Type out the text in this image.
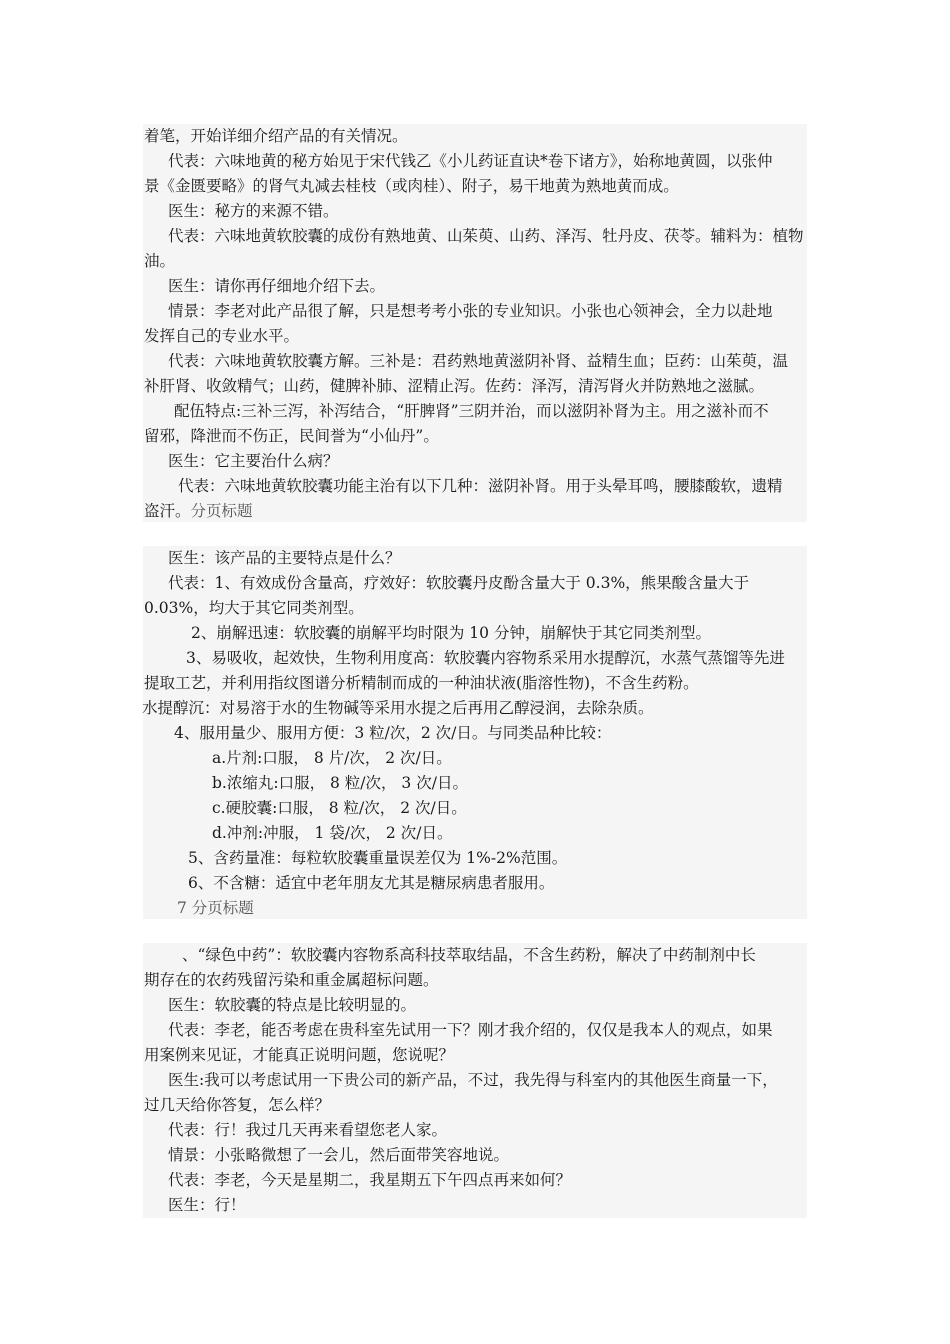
着笔，开始详细介绍产品的有关情况。
代表：六味地黄的秘方始见于宋代钱乙《小儿药证直诀*卷下诸方》，始称地黄圆，以张仲
景《金匮要略》的肾气丸减去桂枝（或肉桂）、附子，易干地黄为熟地黄而成。
医生：秘方的来源不错。
代表：六味地黄软胶囊的成份有熟地黄、山茱萸、山药、泽泻、牡丹皮、茯苓。辅料为：植物
油。
医生：请你再仔细地介绍下去。
情景：李老对此产品很了解，只是想考考小张的专业知识。小张也心领神会，全力以赴地
发挥自己的专业水平。
代表：六味地黄软胶囊方解。三补是：君药熟地黄滋阴补肾、益精生血；臣药：山茱萸，温
补肝肾、收敛精气；山药，健脾补肺、涩精止泻。佐药：泽泻，清泻肾火并防熟地之滋腻。
配伍特点:三补三泻，补泻结合，“肝脾肾”三阴并治，而以滋阴补肾为主。用之滋补而不
留邪，降泄而不伤正，民间誉为“小仙丹”。
医生：它主要治什么病？
代表：六味地黄软胶囊功能主治有以下几种：滋阴补肾。用于头晕耳鸣，腰膝酸软，遗精
盗汗。分页标题
医生：该产品的主要特点是什么？
代表：1、有效成份含量高，疗效好：软胶囊丹皮酚含量大于 0.3%，熊果酸含量大于
0.03%，均大于其它同类剂型。
2、崩解迅速：软胶囊的崩解平均时限为 10 分钟，崩解快于其它同类剂型。
3、易吸收，起效快，生物利用度高：软胶囊内容物系采用水提醇沉，水蒸气蒸馏等先进
提取工艺，并利用指纹图谱分析精制而成的一种油状液(脂溶性物)，不含生药粉。
水提醇沉：对易溶于水的生物碱等采用水提之后再用乙醇浸润，去除杂质。
4、服用量少、服用方便：3 粒/次，2 次/日。与同类品种比较：
a.片剂:口服， 8 片/次， 2 次/日。
b.浓缩丸:口服， 8 粒/次， 3 次/日。
c.硬胶囊:口服， 8 粒/次， 2 次/日。
d.冲剂:冲服， 1 袋/次， 2 次/日。
5、含药量准：每粒软胶囊重量误差仅为 1%-2%范围。
6、不含糖：适宜中老年朋友尤其是糖尿病患者服用。
7 分页标题
、“绿色中药”：软胶囊内容物系高科技萃取结晶，不含生药粉，解决了中药制剂中长
期存在的农药残留污染和重金属超标问题。
医生：软胶囊的特点是比较明显的。
代表：李老，能否考虑在贵科室先试用一下？刚才我介绍的，仅仅是我本人的观点，如果
用案例来见证，才能真正说明问题，您说呢？
医生:我可以考虑试用一下贵公司的新产品，不过，我先得与科室内的其他医生商量一下，
过几天给你答复，怎么样？
代表：行！我过几天再来看望您老人家。
情景：小张略微想了一会儿，然后面带笑容地说。
代表：李老，今天是星期二，我星期五下午四点再来如何？
医生：行！
